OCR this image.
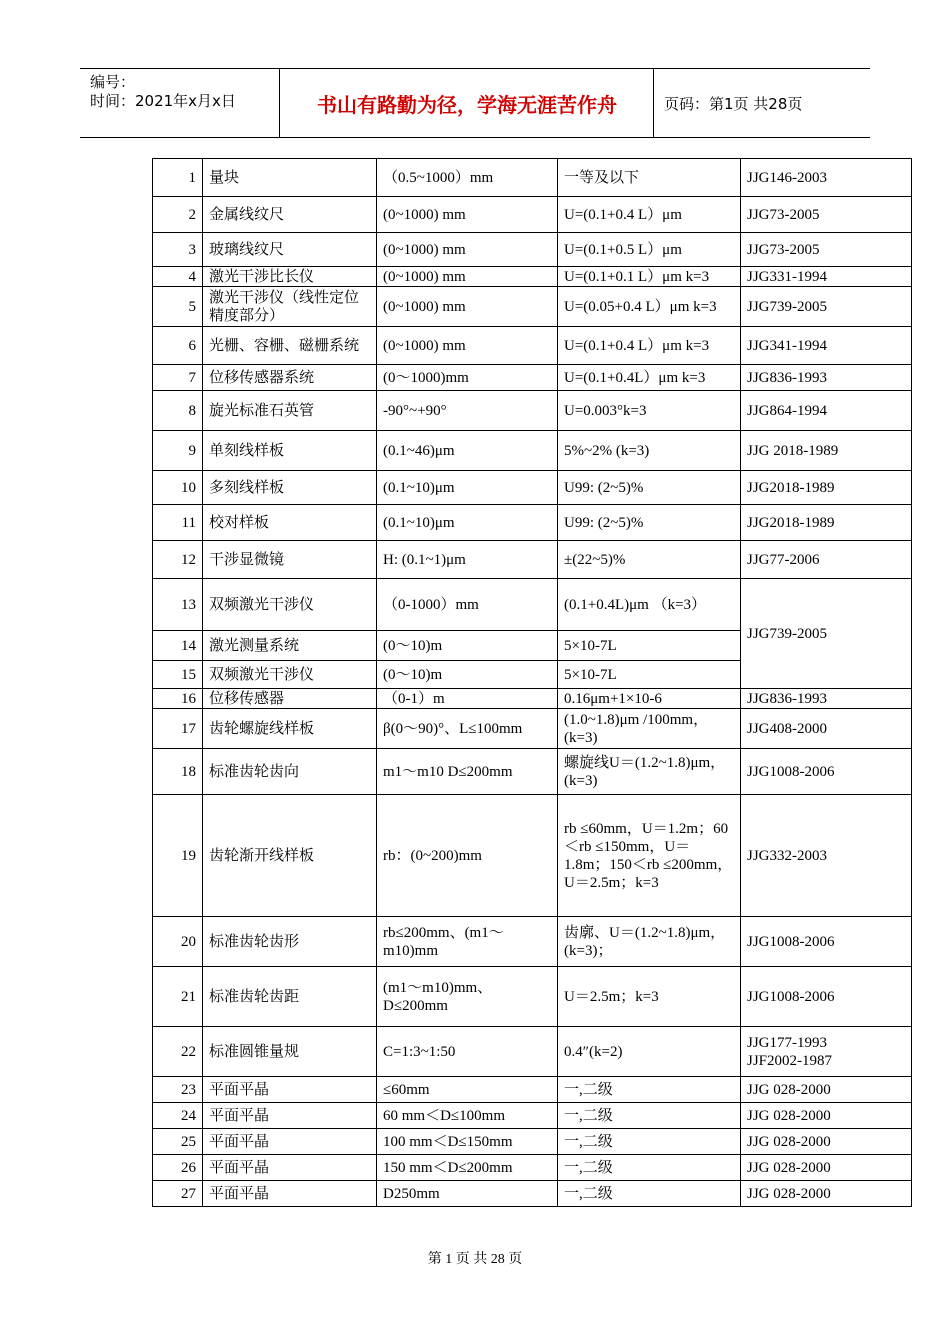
编号：
时间：2021年x月x日	书山有路勤为径，学海无涯苦作舟	页码：第1页 共28页
1	量块	（0.5~1000）mm	一等及以下	JJG146-2003
2	金属线纹尺	(0~1000) mm	U=(0.1+0.4 L）μm	JJG73-2005
3	玻璃线纹尺	(0~1000) mm	U=(0.1+0.5 L）μm	JJG73-2005
4	激光干涉比长仪	(0~1000) mm	U=(0.1+0.1 L）μm k=3	JJG331-1994
5	激光干涉仪（线性定位精度部分）	(0~1000) mm	U=(0.05+0.4 L）μm k=3	JJG739-2005
6	光栅、容栅、磁栅系统	(0~1000) mm	U=(0.1+0.4 L）μm k=3	JJG341-1994
7	位移传感器系统	(0～1000)mm	U=(0.1+0.4L）μm k=3	JJG836-1993
8	旋光标准石英管	-90°~+90°	U=0.003°k=3	JJG864-1994
9	单刻线样板	(0.1~46)μm	5%~2% (k=3)	JJG 2018-1989
10	多刻线样板	(0.1~10)μm	U99: (2~5)%	JJG2018-1989
11	校对样板	(0.1~10)μm	U99: (2~5)%	JJG2018-1989
12	干涉显微镜	H: (0.1~1)μm	±(22~5)%	JJG77-2006
13	双频激光干涉仪	（0-1000）mm	(0.1+0.4L)μm （k=3）	JJG739-2005
14	激光测量系统	(0～10)m	5×10-7L	
15	双频激光干涉仪	(0～10)m	5×10-7L	
16	位移传感器	（0-1）m	0.16μm+1×10-6	JJG836-1993
17	齿轮螺旋线样板	β(0～90)°、L≤100mm	(1.0~1.8)μm /100mm，(k=3)	JJG408-2000
18	标准齿轮齿向	m1～m10 D≤200mm	螺旋线U＝(1.2~1.8)μm，(k=3)	JJG1008-2006
19	齿轮渐开线样板	rb：(0~200)mm	rb ≤60mm，U＝1.2m；60＜rb ≤150mm，U＝1.8m；150＜rb ≤200mm，U＝2.5m；k=3	JJG332-2003
20	标准齿轮齿形	rb≤200mm、(m1～m10)mm	齿廓、U＝(1.2~1.8)μm，(k=3)；	JJG1008-2006
21	标准齿轮齿距	(m1～m10)mm、D≤200mm	U＝2.5m；k=3	JJG1008-2006
22	标准圆锥量规	C=1:3~1:50	0.4″(k=2)	JJG177-1993
JJF2002-1987

23	平面平晶	≤60mm	一,二级	JJG 028-2000
24	平面平晶	60 mm＜D≤100mm	一,二级	JJG 028-2000
25	平面平晶	100 mm＜D≤150mm	一,二级	JJG 028-2000
26	平面平晶	150 mm＜D≤200mm	一,二级	JJG 028-2000
27	平面平晶	D250mm	一,二级	JJG 028-2000
第 1 页 共 28 页
